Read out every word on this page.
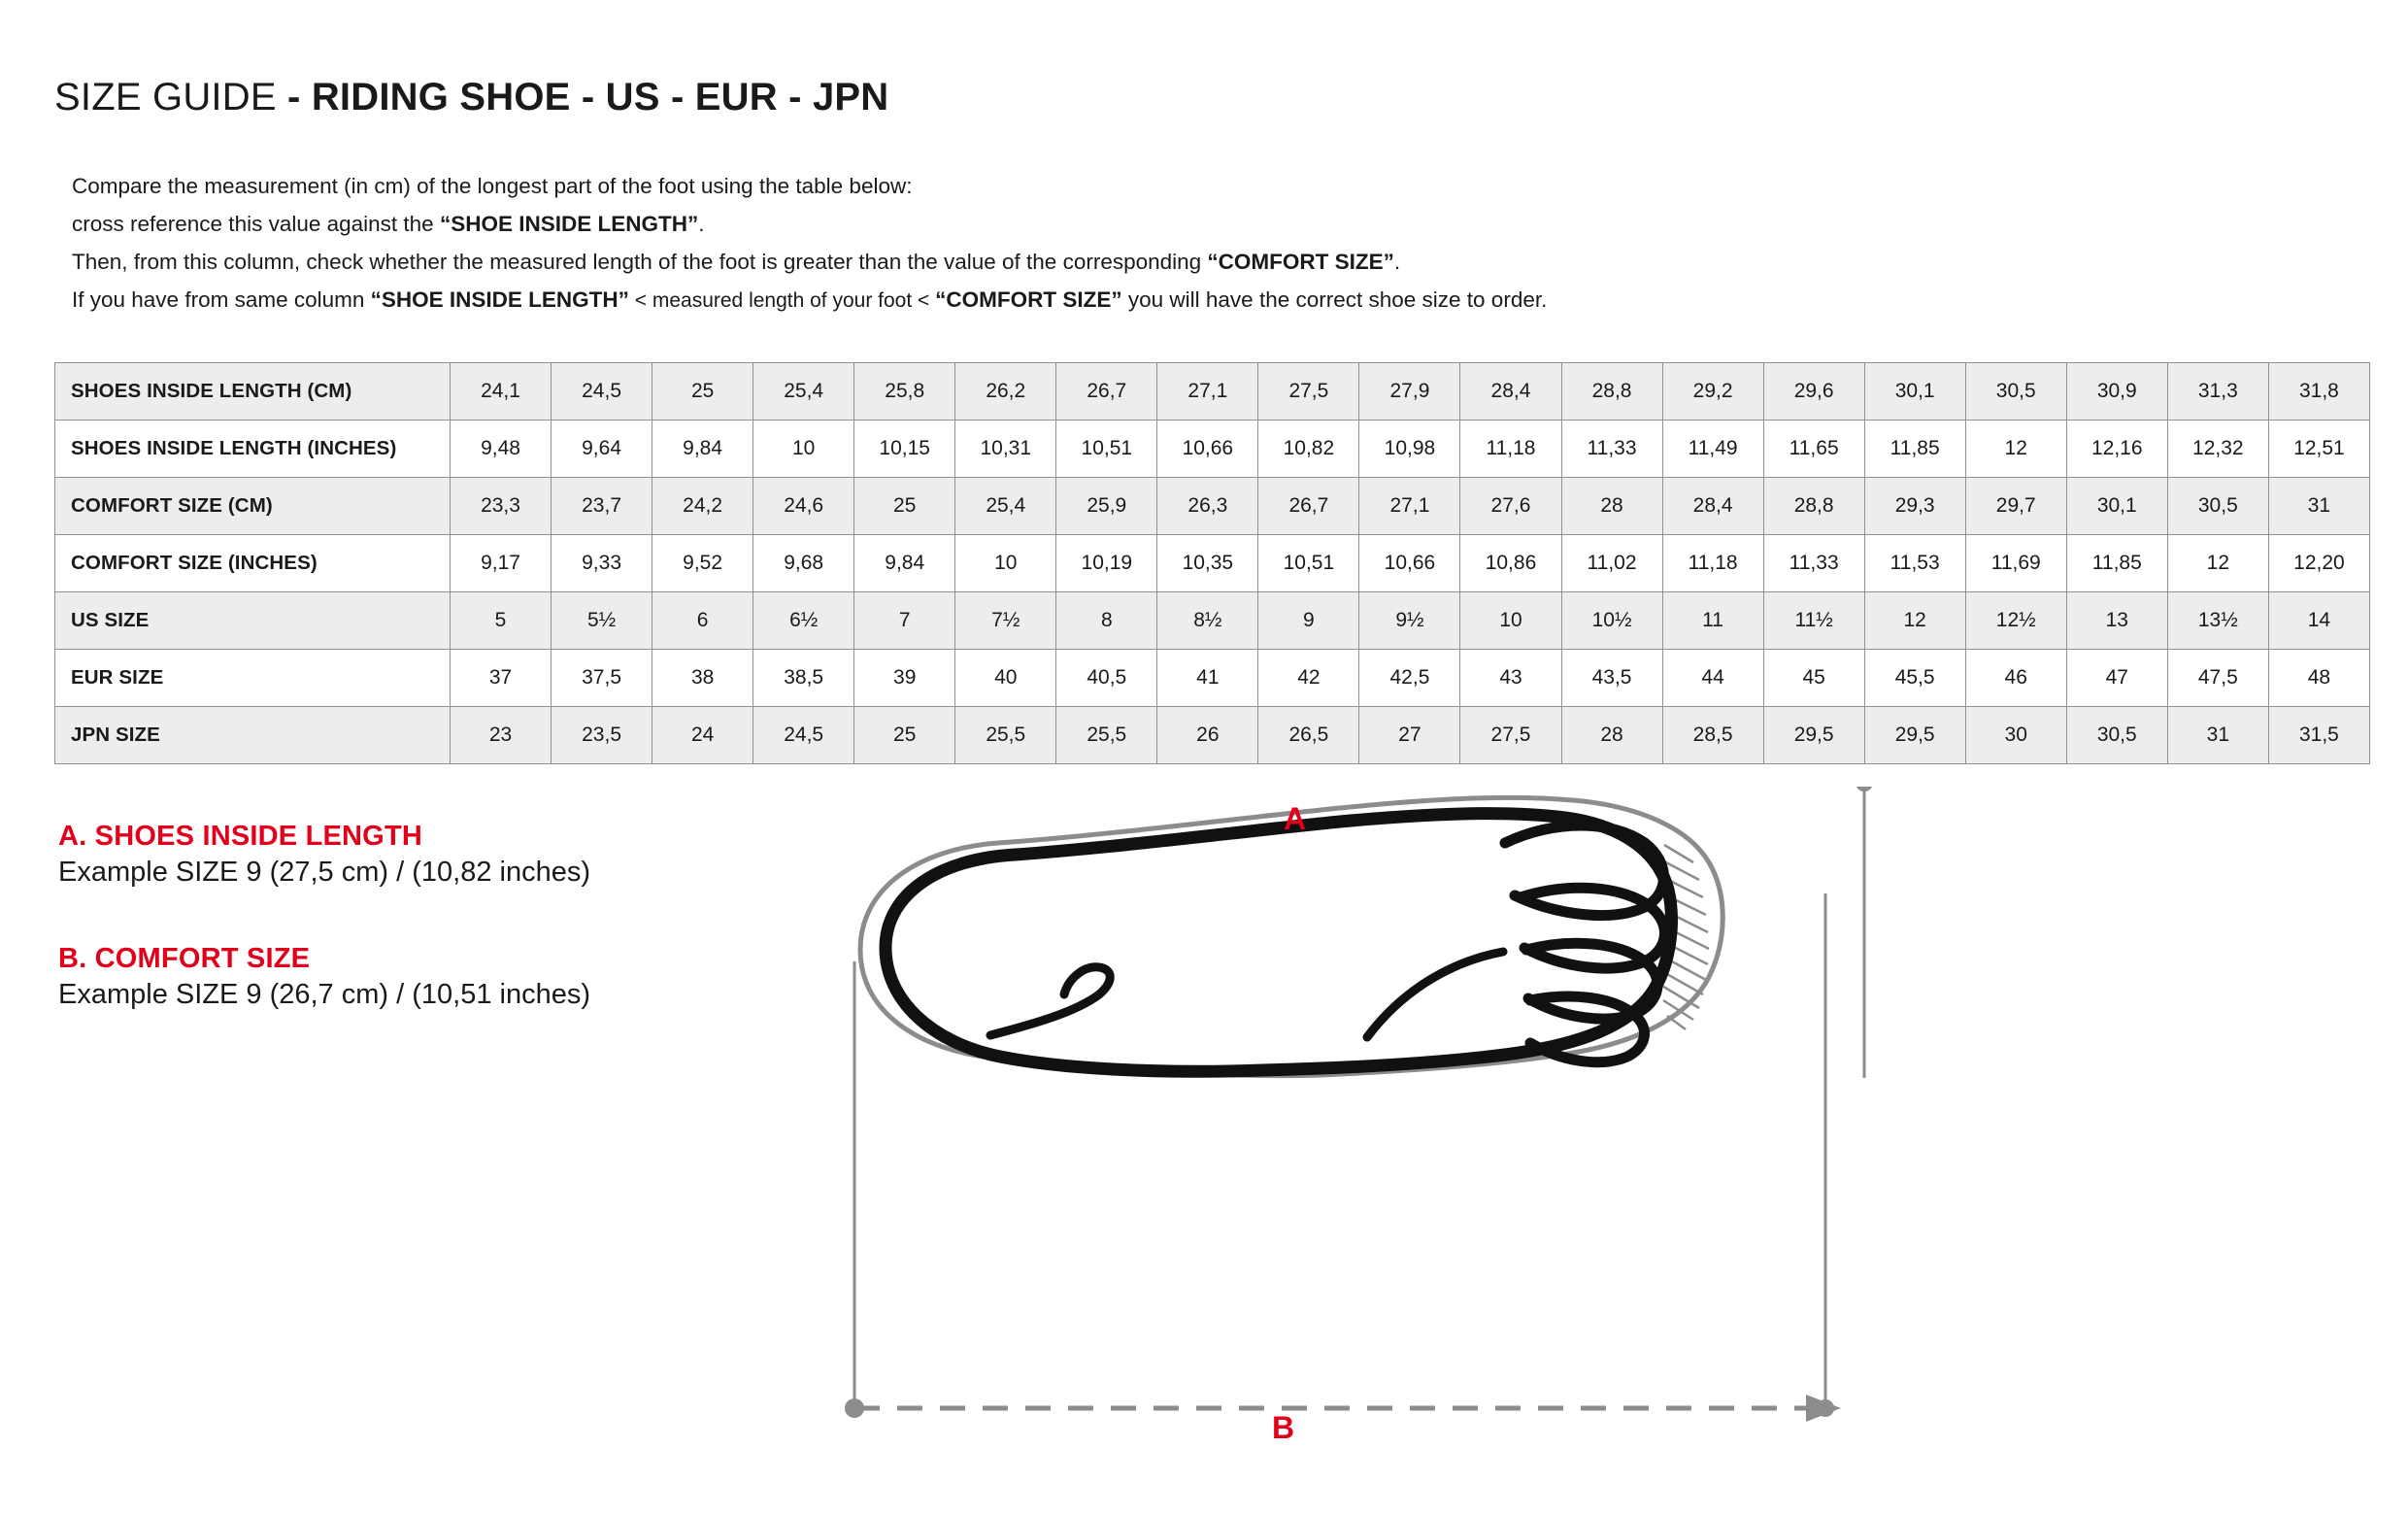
SIZE GUIDE - RIDING SHOE - US - EUR - JPN
Compare the measurement (in cm) of the longest part of the foot using the table below:
cross reference this value against the “SHOE INSIDE LENGTH”.
Then, from this column, check whether the measured length of the foot is greater than the value of the corresponding “COMFORT SIZE”.
If you have from same column “SHOE INSIDE LENGTH” < measured length of your foot < “COMFORT SIZE” you will have the correct shoe size to order.
SHOES INSIDE LENGTH (CM)	24,1	24,5	25	25,4	25,8	26,2	26,7	27,1	27,5	27,9	28,4	28,8	29,2	29,6	30,1	30,5	30,9	31,3	31,8
SHOES INSIDE LENGTH (INCHES)	9,48	9,64	9,84	10	10,15	10,31	10,51	10,66	10,82	10,98	11,18	11,33	11,49	11,65	11,85	12	12,16	12,32	12,51
COMFORT SIZE (CM)	23,3	23,7	24,2	24,6	25	25,4	25,9	26,3	26,7	27,1	27,6	28	28,4	28,8	29,3	29,7	30,1	30,5	31
COMFORT SIZE (INCHES)	9,17	9,33	9,52	9,68	9,84	10	10,19	10,35	10,51	10,66	10,86	11,02	11,18	11,33	11,53	11,69	11,85	12	12,20
US SIZE	5	5½	6	6½	7	7½	8	8½	9	9½	10	10½	11	11½	12	12½	13	13½	14
EUR SIZE	37	37,5	38	38,5	39	40	40,5	41	42	42,5	43	43,5	44	45	45,5	46	47	47,5	48
JPN SIZE	23	23,5	24	24,5	25	25,5	25,5	26	26,5	27	27,5	28	28,5	29,5	29,5	30	30,5	31	31,5
A. SHOES INSIDE LENGTH

Example SIZE 9 (27,5 cm) / (10,82 inches)

B. COMFORT SIZE

Example SIZE 9 (26,7 cm) / (10,51 inches)

A
B
